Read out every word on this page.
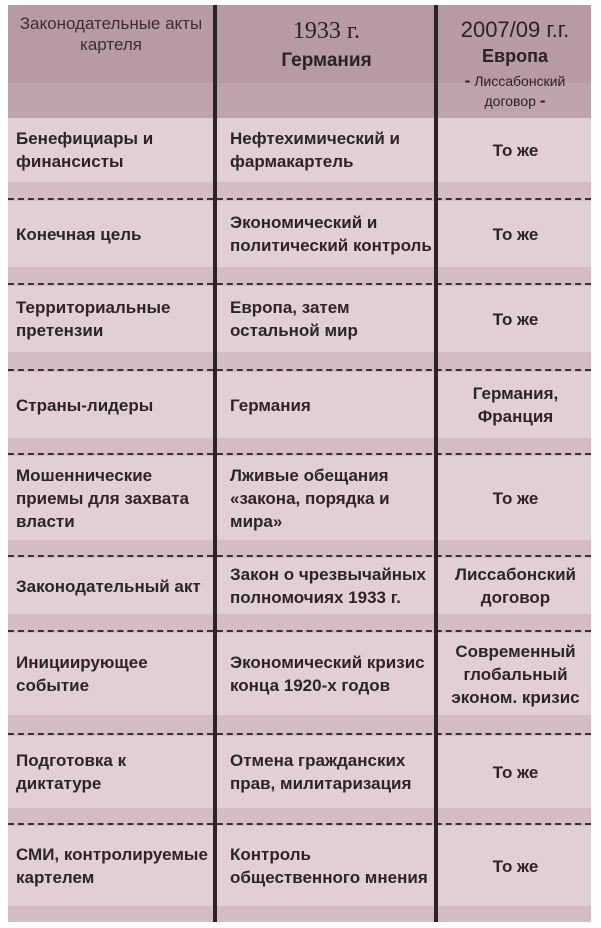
Законодательные акты картеля
1933 г.
Германия
2007/09 г.г.
Европа
- Лиссабонский договор -
Бенефициары и финансисты
Нефтехимический и фармакартель
То же
Конечная цель
Экономический и политический контроль
То же
Территориальные претензии
Европа, затем остальной мир
То же
Страны-лидеры	Германия
Германия, Франция
Мошеннические приемы для захвата власти
Лживые обещания «закона, порядка и мира»
То же
Законодательный акт
Закон о чрезвычайных полномочиях 1933 г.
Лиссабонский договор
Инициирующее событие
Экономический кризис конца 1920-х годов
Современный глобальный эконом. кризис
Подготовка к диктатуре
Отмена гражданских прав, милитаризация
То же
СМИ, контролируемые картелем
Контроль общественного мнения
То же
